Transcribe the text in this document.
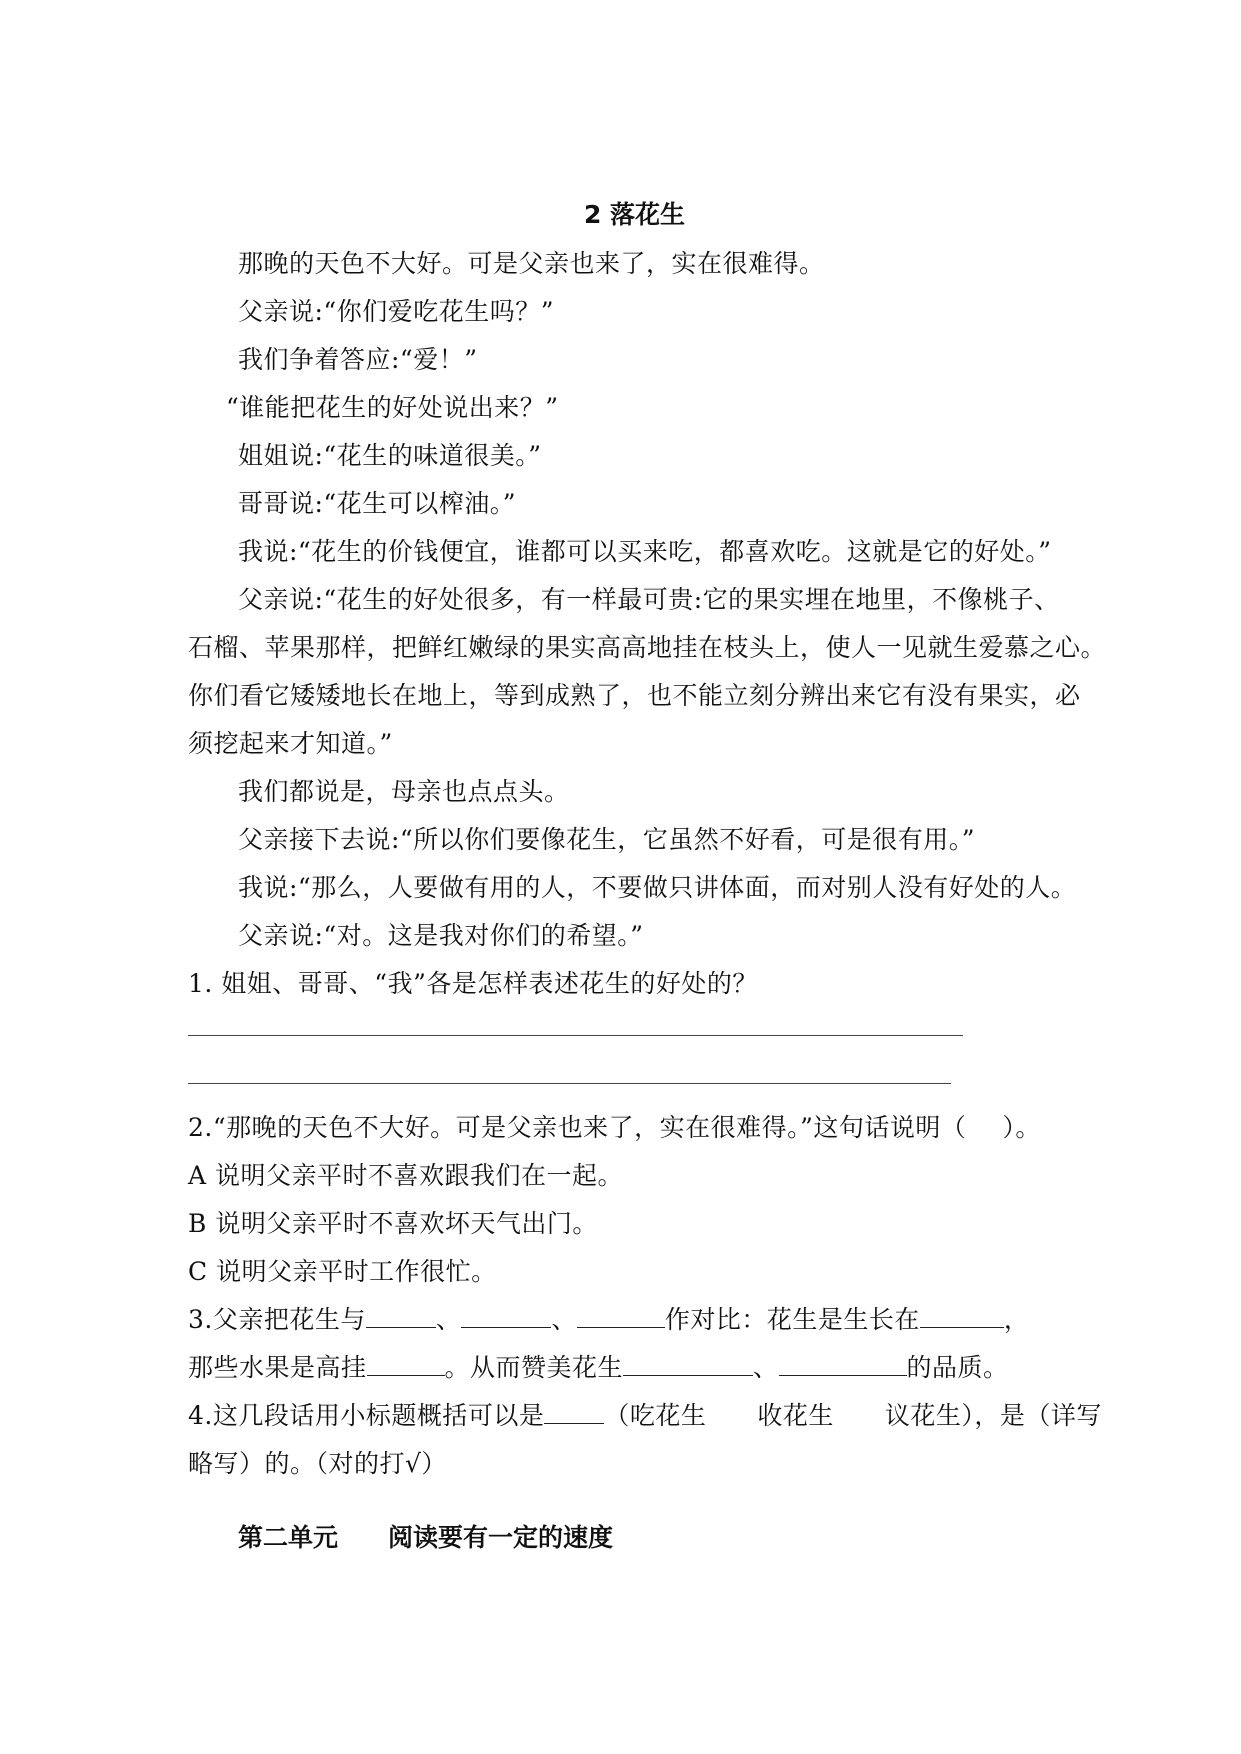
2 落花生
那晚的天色不大好。可是父亲也来了，实在很难得。
父亲说:“你们爱吃花生吗？”
我们争着答应:“爱！”
“谁能把花生的好处说出来？”
姐姐说:“花生的味道很美。”
哥哥说:“花生可以榨油。”
我说:“花生的价钱便宜，谁都可以买来吃，都喜欢吃。这就是它的好处。”
父亲说:“花生的好处很多，有一样最可贵:它的果实埋在地里，不像桃子、
石榴、苹果那样，把鲜红嫩绿的果实高高地挂在枝头上，使人一见就生爱慕之心。
你们看它矮矮地长在地上，等到成熟了，也不能立刻分辨出来它有没有果实，必
须挖起来才知道。”
我们都说是，母亲也点点头。
父亲接下去说:“所以你们要像花生，它虽然不好看，可是很有用。”
我说:“那么，人要做有用的人，不要做只讲体面，而对别人没有好处的人。
父亲说:“对。这是我对你们的希望。”
1. 姐姐、哥哥、“我”各是怎样表述花生的好处的？
2.“那晚的天色不大好。可是父亲也来了，实在很难得。”这句话说明（ ）。
A 说明父亲平时不喜欢跟我们在一起。
B 说明父亲平时不喜欢坏天气出门。
C 说明父亲平时工作很忙。
3.父亲把花生与	、	、	作对比：花生是生长在	，
那些水果是高挂	。从而赞美花生	、	的品质。
4.这几段话用小标题概括可以是 （吃花生　　收花生　　议花生），是（详写
略写）的。（对的打√）
第二单元　　阅读要有一定的速度
